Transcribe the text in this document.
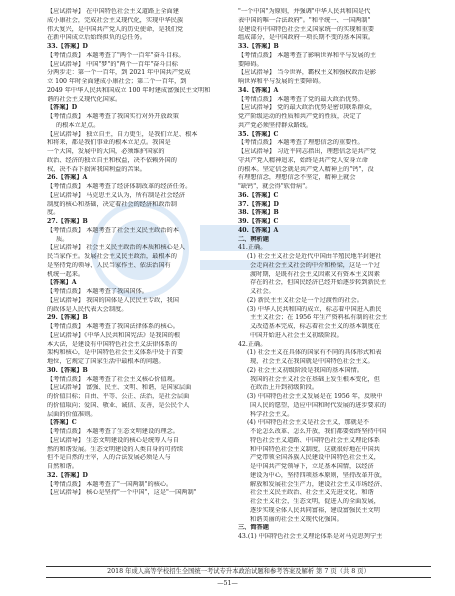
【应试指导】 在中国特色社会主义道路上全面建
成小康社会，完成社会主义现代化，实现中华民族
伟大复兴，是中国共产党人的历史使命，是我们党
在新中国成立后始终担负的总任务。
33.【答案】D
【考情点拨】 本题考查了"两个一百年"奋斗目标。
【应试指导】 中国"梦"的"两个一百年"奋斗目标
分两步走：第一个一百年，到 2021 年中国共产党成
立 100 年时全面建成小康社会；第二个一百年，到
2049 年中华人民共和国成立 100 年时建成富强民主文明和
谐的社会主义现代化国家。
【答案】D
【考情点拨】 本题考查了我国实行对外开放政策
的根本立足点。
【应试指导】 独立自主，自力更生，是我们立足、根本
和将来，都是我们事业的根本立足点。我国是
一个大国，发展中的大国，必须维护国家的
政治、经济的独立自主和权益，决不依赖外国的
权，决不吞下损害我国利益的苦果。
26.【答案】A
【考情点拨】 本题考查了经济体制改革的经济任务。
【应试指导】 马克思主义认为，所有制是社会经济
制度的核心和基础，决定着社会的经济和政治制
度。
27.【答案】B
【考情点拨】 本题考查了社会主义民主政治的本
质。
【应试指导】 社会主义民主政治的本质和核心是人
民当家作主。发展社会主义民主政治，最根本的
是坚持党的领导、人民当家作主、依法治国有
机统一起来。
【答案】A
【考情点拨】 本题考查了我国国体。
【应试指导】 我国的国体是人民民主专政，我国
的政体是人民代表大会制度。
29.【答案】B
【考情点拨】 本题考查了我国法律体系的核心。
【应试指导】《中华人民共和国宪法》是我国的根
本大法，是建设有中国特色社会主义法律体系的
架构和核心，是中国特色社会主义体系中处于首要
地位，它规定了国家生活中最根本的问题。
30.【答案】B
【考情点拨】 本题考查了社会主义核心价值观。
【应试指导】 富强、民主、文明、和谐，是国家层面
的价值目标；自由、平等、公正、法治，是社会层面
的价值取向；爱国、敬业、诚信、友善，是公民个人
层面的价值准则。
【答案】C
【考情点拨】 本题考查了生态文明建设的理念。
【应试指导】 生态文明建设的核心是统筹人与自
然的和谐发展。生态文明建设的人类自身的可持续
但不是自然的主宰，人的合法发展必须是人与
自然和谐。
32.【答案】D
【考情点拨】 本题考查了"一国两制"的核心。
【应试指导】 核心是坚持"一个中国"，这是"一国两制"
"一个中国"为原则，并强调"中华人民共和国是代
表中国的唯一合法政府"。"和平统一、一国两制"
是建设有中国特色社会主义国家统一的实现和重要
组成部分，是中国政府一项长期不变的基本国策。
33.【答案】B
【考情点拨】 本题考查了影响世界和平与发展的主
要障碍。
【应试指导】 当今世界，霸权主义和强权政治是影
响世界和平与发展的主要障碍。
34.【答案】A
【考情点拨】 本题考查了党的最大政治优势。
【应试指导】 党的最大政治优势是密切联系群众，
党产阶级运动的性质和共产党的性质，决定了
共产党必须坚持群众路线。
35.【答案】C
【考情点拨】 本题考查了理想信念的重要性。
【应试指导】 习近平同志指出，理想信念是共产党
守共产党人精神追求，始终是共产党人安身立命
的根本。坚定信念就是共产党人精神上的"钙"，没
有理想信念，理想信念不坚定，精神上就会
"缺钙"，就会得"软骨病"。
36.【答案】C
37.【答案】D
38.【答案】B
39.【答案】C
40.【答案】A
二、辨析题
41.正确。
(1) 社会主义社会是近代中国由半殖民地半封建社
会走向社会主义社会的中介和桥梁，这是一个过
渡时期，是既有社会主义因素又有资本主义因素
存在的社会，但国民经济已经开始逐步转到新民主
义社会。
(2) 新民主主义社会是一个过渡性的社会。
(3) 中华人民共和国的成立，标志着中国进入新民
主主义社会；在 1956 年生产资料私有制的社会主
义改造基本完成，标志着社会主义的基本制度在
中国开始进入社会主义初级阶段。
42.正确。
(1) 社会主义在具体的国家有不同的具体形式和表
现，社会主义在我国就是中国特色社会主义。
(2) 社会主义初级阶段是我国的基本国情。
我国的社会主义社会在基础上发生根本变化，但
在政治上升到初级阶段。
(3) 中国特色社会主义发展是在 1956 年，反映中
国人民的愿望，适应中国和时代发展的进步要求的
科学社会主义。
(4) 中国特色社会主义是社会主义，那就是不
不论怎么改革、怎么开放，我们都要始终坚持中国
特色社会主义道路、中国特色社会主义理论体系
和中国特色社会主义制度，这就很好地在中国共
产党带领全国各族人民建设中国特色社会主义，
是中国共产党领导下，立足基本国情，以经济
建设为中心，坚持四项基本原则，坚持改革开放，
解放和发展社会生产力，建设社会主义市场经济、
社会主义民主政治、社会主义先进文化、和谐
社会主义社会，生态文明，促进人的全面发展，
逐步实现全体人民共同富裕，建设富强民主文明
和谐美丽的社会主义现代化强国。
三、简答题
43.(1) 中国特色社会主义理论体系是对马克思列宁主
2018 年成人高等学校招生全国统一考试专升本政治试题和参考答案及解析 第 7 页（共 8 页）
—51—
